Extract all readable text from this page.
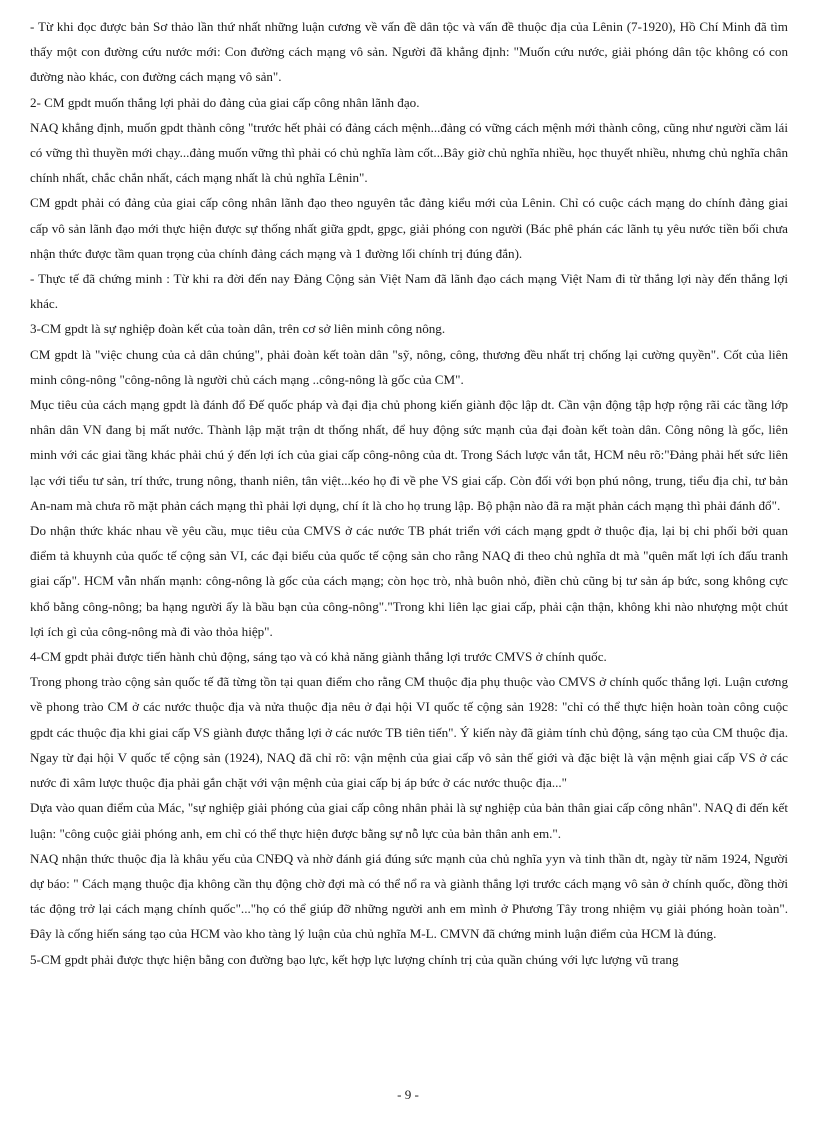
- Từ khi đọc được bản Sơ thảo lần thứ nhất những luận cương về vấn đề dân tộc và vấn đề thuộc địa của Lênin (7-1920), Hồ Chí Minh đã tìm thấy một con đường cứu nước mới: Con đường cách mạng vô sản. Người đã khẳng định: "Muốn cứu nước, giải phóng dân tộc không có con đường nào khác, con đường cách mạng vô sản".

2- CM gpdt muốn thắng lợi phải do đảng của giai cấp công nhân lãnh đạo.

NAQ khẳng định, muốn gpdt thành công "trước hết phải có đảng cách mệnh...đảng có vững cách mệnh mới thành công, cũng như người cầm lái có vững thì thuyền mới chạy...đảng muốn vững thì phải có chủ nghĩa làm cốt...Bây giờ chủ nghĩa nhiều, học thuyết nhiều, nhưng chủ nghĩa chân chính nhất, chắc chắn nhất, cách mạng nhất là chủ nghĩa Lênin".

CM gpdt phải có đảng của giai cấp công nhân lãnh đạo theo nguyên tắc đảng kiểu mới của Lênin. Chỉ có cuộc cách mạng do chính đảng giai cấp vô sản lãnh đạo mới thực hiện được sự thống nhất giữa gpdt, gpgc, giải phóng con người (Bác phê phán các lãnh tụ yêu nước tiền bối chưa nhận thức được tầm quan trọng của chính đảng cách mạng và 1 đường lối chính trị đúng đắn).

- Thực tế đã chứng minh : Từ khi ra đời đến nay Đảng Cộng sản Việt Nam đã lãnh đạo cách mạng Việt Nam đi từ thắng lợi này đến thắng lợi khác.

3-CM gpdt là sự nghiệp đoàn kết của toàn dân, trên cơ sở liên minh công nông.

CM gpdt là "việc chung của cả dân chúng", phải đoàn kết toàn dân "sỹ, nông, công, thương đều nhất trị chống lại cường quyền". Cốt của liên minh công-nông "công-nông là người chủ cách mạng ..công-nông là gốc của CM".

Mục tiêu của cách mạng gpdt là đánh đổ Đế quốc pháp và đại địa chủ phong kiến giành độc lập dt. Cần vận động tập hợp rộng rãi các tầng lớp nhân dân VN đang bị mất nước. Thành lập mặt trận dt thống nhất, để huy động sức mạnh của đại đoàn kết toàn dân. Công nông là gốc, liên minh với các giai tầng khác phải chú ý đến lợi ích của giai cấp công-nông của dt. Trong Sách lược vắn tắt, HCM nêu rõ:"Đảng phải hết sức liên lạc với tiểu tư sản, trí thức, trung nông, thanh niên, tân việt...kéo họ đi về phe VS giai cấp. Còn đối với bọn phú nông, trung, tiểu địa chỉ, tư bản An-nam mà chưa rõ mặt phản cách mạng thì phải lợi dụng, chí ít là cho họ trung lập. Bộ phận nào đã ra mặt phản cách mạng thì phải đánh đổ".

Do nhận thức khác nhau về yêu cầu, mục tiêu của CMVS ở các nước TB phát triển với cách mạng gpdt ở thuộc địa, lại bị chi phối bởi quan điểm tả khuynh của quốc tế cộng sản VI, các đại biểu của quốc tế cộng sản cho rằng NAQ đi theo chủ nghĩa dt mà "quên mất lợi ích đấu tranh giai cấp". HCM vẫn nhấn mạnh: công-nông là gốc của cách mạng; còn học trò, nhà buôn nhỏ, điền chủ cũng bị tư sản áp bức, song không cực khổ bằng công-nông; ba hạng người ấy là bầu bạn của công-nông"."Trong khi liên lạc giai cấp, phải cận thận, không khi nào nhượng một chút lợi ích gì của công-nông mà đi vào thỏa hiệp".

4-CM gpdt phải được tiến hành chủ động, sáng tạo và có khả năng giành thắng lợi trước CMVS ở chính quốc.

Trong phong trào cộng sản quốc tế đã từng tồn tại quan điểm cho rằng CM thuộc địa phụ thuộc vào CMVS ở chính quốc thắng lợi. Luận cương về phong trào CM ở các nước thuộc địa và nửa thuộc địa nêu ở đại hội VI quốc tế cộng sản 1928: "chỉ có thể thực hiện hoàn toàn công cuộc gpdt các thuộc địa khi giai cấp VS giành được thắng lợi ở các nước TB tiên tiến". Ý kiến này đã giảm tính chủ động, sáng tạo của CM thuộc địa. Ngay từ đại hội V quốc tế cộng sản (1924), NAQ đã chỉ rõ: vận mệnh của giai cấp vô sản thế giới và đặc biệt là vận mệnh giai cấp VS ở các nước đi xâm lược thuộc địa phải gắn chặt với vận mệnh của giai cấp bị áp bức ở các nước thuộc địa..."

Dựa vào quan điểm của Mác, "sự nghiệp giải phóng của giai cấp công nhân phải là sự nghiệp của bản thân giai cấp công nhân". NAQ đi đến kết luận: "công cuộc giải phóng anh, em chỉ có thể thực hiện được bằng sự nỗ lực của bản thân anh em.".

NAQ nhận thức thuộc địa là khâu yếu của CNĐQ và nhờ đánh giá đúng sức mạnh của chủ nghĩa yyn và tinh thần dt, ngày từ năm 1924, Người dự báo: " Cách mạng thuộc địa không cần thụ động chờ đợi mà có thể nổ ra và giành thắng lợi trước cách mạng vô sản ở chính quốc, đồng thời tác động trở lại cách mạng chính quốc"..."họ có thể giúp đỡ những người anh em mình ở Phương Tây trong nhiệm vụ giải phóng hoàn toàn". Đây là cống hiến sáng tạo của HCM vào kho tàng lý luận của chủ nghĩa M-L. CMVN đã chứng minh luận điểm của HCM là đúng.

5-CM gpdt phải được thực hiện bằng con đường bạo lực, kết hợp lực lượng chính trị của quần chúng với lực lượng vũ trang

- 9 -
